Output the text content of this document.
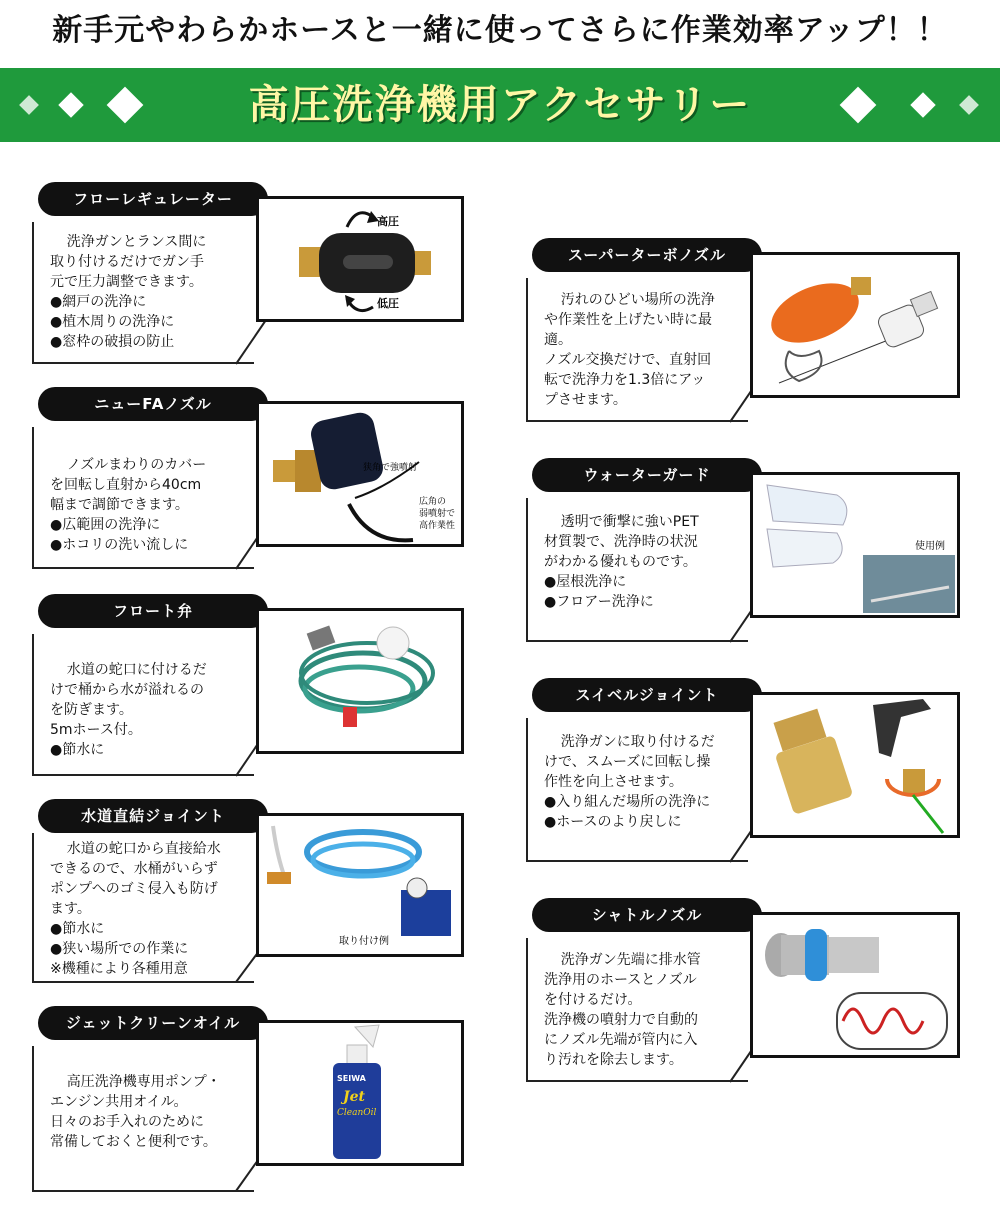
新手元やわらかホースと一緒に使ってさらに作業効率アップ！！
高圧洗浄機用アクセサリー

洗浄ガンとランス間に

取り付けるだけでガン手

元で圧力調整できます。

●網戸の洗浄に

●植木周りの洗浄に

●窓枠の破損の防止

フローレギュレーター
高圧
低圧

ノズルまわりのカバー

を回転し直射から40cm

幅まで調節できます。

●広範囲の洗浄に

●ホコリの洗い流しに

ニューFAノズル
狭角で強噴射
広角の
弱噴射で
高作業性

水道の蛇口に付けるだ

けで桶から水が溢れるの

を防ぎます。

5mホース付。

●節水に

フロート弁

水道の蛇口から直接給水

できるので、水桶がいらず

ポンプへのゴミ侵入も防げ

ます。

●節水に

●狭い場所での作業に

※機種により各種用意

水道直結ジョイント
取り付け例

高圧洗浄機専用ポンプ・

エンジン共用オイル。

日々のお手入れのために

常備しておくと便利です。

ジェットクリーンオイル
SEIWA
Jet
CleanOil

汚れのひどい場所の洗浄

や作業性を上げたい時に最

適。

ノズル交換だけで、直射回

転で洗浄力を1.3倍にアッ

プさせます。

スーパーターボノズル

透明で衝撃に強いPET

材質製で、洗浄時の状況

がわかる優れものです。

●屋根洗浄に

●フロアー洗浄に

ウォーターガード
使用例

洗浄ガンに取り付けるだ

けで、スムーズに回転し操

作性を向上させます。

●入り組んだ場所の洗浄に

●ホースのより戻しに

スイベルジョイント

洗浄ガン先端に排水管

洗浄用のホースとノズル

を付けるだけ。

洗浄機の噴射力で自動的

にノズル先端が管内に入

り汚れを除去します。

シャトルノズル
